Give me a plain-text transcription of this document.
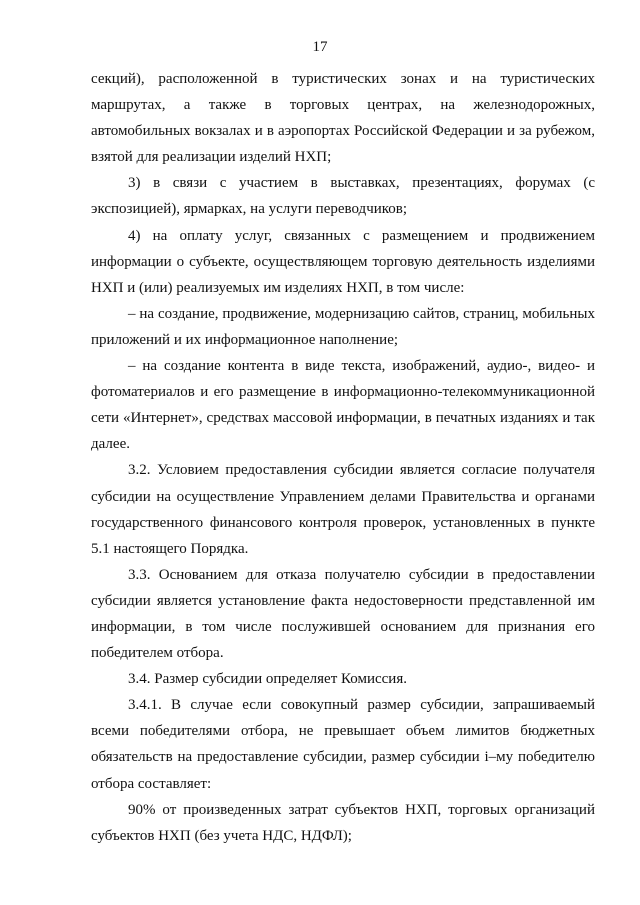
17

секций), расположенной в туристических зонах и на туристических маршрутах, а также в торговых центрах, на железнодорожных, автомобильных вокзалах и в аэропортах Российской Федерации и за рубежом, взятой для реализации изделий НХП;

3) в связи с участием в выставках, презентациях, форумах (с экспозицией), ярмарках, на услуги переводчиков;

4) на оплату услуг, связанных с размещением и продвижением информации о субъекте, осуществляющем торговую деятельность изделиями НХП и (или) реализуемых им изделиях НХП, в том числе:

– на создание, продвижение, модернизацию сайтов, страниц, мобильных приложений и их информационное наполнение;

– на создание контента в виде текста, изображений, аудио-, видео- и фотоматериалов и его размещение в информационно-телекоммуникационной сети «Интернет», средствах массовой информации, в печатных изданиях и так далее.

3.2. Условием предоставления субсидии является согласие получателя субсидии на осуществление Управлением делами Правительства и органами государственного финансового контроля проверок, установленных в пункте 5.1 настоящего Порядка.

3.3. Основанием для отказа получателю субсидии в предоставлении субсидии является установление факта недостоверности представленной им информации, в том числе послужившей основанием для признания его победителем отбора.

3.4. Размер субсидии определяет Комиссия.

3.4.1. В случае если совокупный размер субсидии, запрашиваемый всеми победителями отбора, не превышает объем лимитов бюджетных обязательств на предоставление субсидии, размер субсидии i–му победителю отбора составляет:

90% от произведенных затрат субъектов НХП, торговых организаций субъектов НХП (без учета НДС, НДФЛ);
